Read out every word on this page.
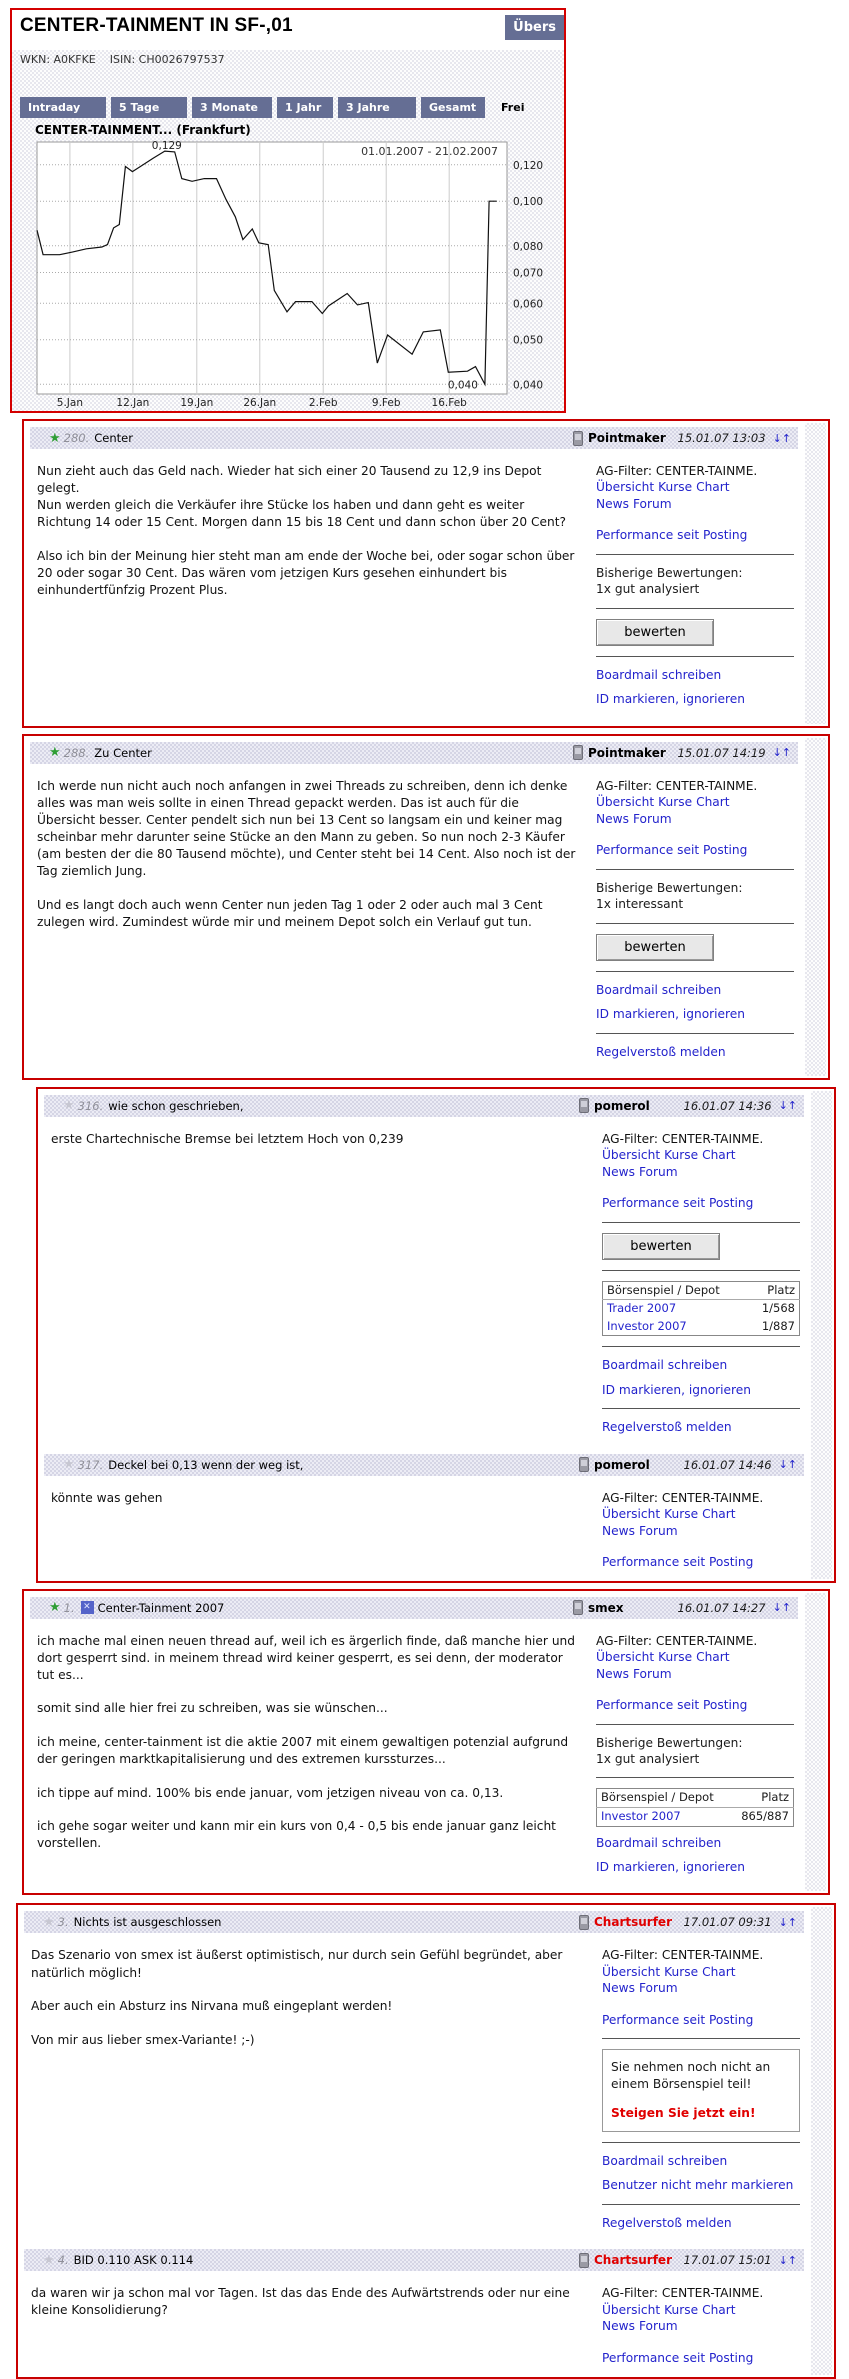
CENTER-TAINMENT IN SF-,01	Übers
WKN: A0KFKE ISIN: CH0026797537
Intraday	5 Tage	3 Monate	1 Jahr	3 Jahre	Gesamt	Frei
CENTER-TAINMENT... (Frankfurt)
5.Jan	12.Jan	19.Jan	26.Jan	2.Feb	9.Feb	16.Feb
0,120
0,100
0,080
0,070
0,060
0,050
0,040
01.01.2007 - 21.02.2007
0,129
0,040
★ 280. Center	Pointmaker 15.01.07 13:03 ↓↑

Nun zieht auch das Geld nach. Wieder hat sich einer 20 Tausend zu 12,9 ins Depot gelegt.

Nun werden gleich die Verkäufer ihre Stücke los haben und dann geht es weiter Richtung 14 oder 15 Cent. Morgen dann 15 bis 18 Cent und dann schon über 20 Cent?

Also ich bin der Meinung hier steht man am ende der Woche bei, oder sogar schon über 20 oder sogar 30 Cent. Das wären vom jetzigen Kurs gesehen einhundert bis einhundertfünfzig Prozent Plus.

AG-Filter: CENTER-TAINME.
Übersicht Kurse Chart
News Forum
Performance seit Posting
Bisherige Bewertungen:
1x gut analysiert
bewerten
Boardmail schreiben
ID markieren, ignorieren
★ 288. Zu Center	Pointmaker 15.01.07 14:19 ↓↑

Ich werde nun nicht auch noch anfangen in zwei Threads zu schreiben, denn ich denke alles was man weis sollte in einen Thread gepackt werden. Das ist auch für die Übersicht besser. Center pendelt sich nun bei 13 Cent so langsam ein und keiner mag scheinbar mehr darunter seine Stücke an den Mann zu geben. So nun noch 2-3 Käufer (am besten der die 80 Tausend möchte), und Center steht bei 14 Cent. Also noch ist der Tag ziemlich Jung.

Und es langt doch auch wenn Center nun jeden Tag 1 oder 2 oder auch mal 3 Cent zulegen wird. Zumindest würde mir und meinem Depot solch ein Verlauf gut tun.

AG-Filter: CENTER-TAINME.
Übersicht Kurse Chart
News Forum
Performance seit Posting
Bisherige Bewertungen:
1x interessant
bewerten
Boardmail schreiben
ID markieren, ignorieren
Regelverstoß melden
★ 316. wie schon geschrieben,	pomerol	16.01.07 14:36 ↓↑

erste Chartechnische Bremse bei letztem Hoch von 0,239	AG-Filter: CENTER-TAINME.
Übersicht Kurse Chart
News Forum
Performance seit Posting
bewerten
Börsenspiel / Depot	Platz
Trader 2007	1/568
Investor 2007	1/887
Boardmail schreiben
ID markieren, ignorieren
Regelverstoß melden
★ 317. Deckel bei 0,13 wenn der weg ist,	pomerol	16.01.07 14:46 ↓↑

könnte was gehen	AG-Filter: CENTER-TAINME.
Übersicht Kurse Chart
News Forum
Performance seit Posting
★ 1. ✕ Center-Tainment 2007	smex	16.01.07 14:27 ↓↑

ich mache mal einen neuen thread auf, weil ich es ärgerlich finde, daß manche hier und dort gesperrt sind. in meinem thread wird keiner gesperrt, es sei denn, der moderator tut es...

somit sind alle hier frei zu schreiben, was sie wünschen...

ich meine, center-tainment ist die aktie 2007 mit einem gewaltigen potenzial aufgrund der geringen marktkapitalisierung und des extremen kurssturzes...

ich tippe auf mind. 100% bis ende januar, vom jetzigen niveau von ca. 0,13.

ich gehe sogar weiter und kann mir ein kurs von 0,4 - 0,5 bis ende januar ganz leicht vorstellen.

AG-Filter: CENTER-TAINME.
Übersicht Kurse Chart
News Forum
Performance seit Posting
Bisherige Bewertungen:
1x gut analysiert
Börsenspiel / Depot	Platz
Investor 2007	865/887
Boardmail schreiben
ID markieren, ignorieren
★ 3. Nichts ist ausgeschlossen	Chartsurfer 17.01.07 09:31 ↓↑

Das Szenario von smex ist äußerst optimistisch, nur durch sein Gefühl begründet, aber natürlich möglich!

Aber auch ein Absturz ins Nirvana muß eingeplant werden!

Von mir aus lieber smex-Variante! ;-)

AG-Filter: CENTER-TAINME.
Übersicht Kurse Chart
News Forum
Performance seit Posting
Sie nehmen noch nicht an einem Börsenspiel teil!
Steigen Sie jetzt ein!
Boardmail schreiben
Benutzer nicht mehr markieren
Regelverstoß melden
★ 4. BID 0.110 ASK 0.114	Chartsurfer 17.01.07 15:01 ↓↑

da waren wir ja schon mal vor Tagen. Ist das das Ende des Aufwärtstrends oder nur eine kleine Konsolidierung?

AG-Filter: CENTER-TAINME.
Übersicht Kurse Chart
News Forum
Performance seit Posting
